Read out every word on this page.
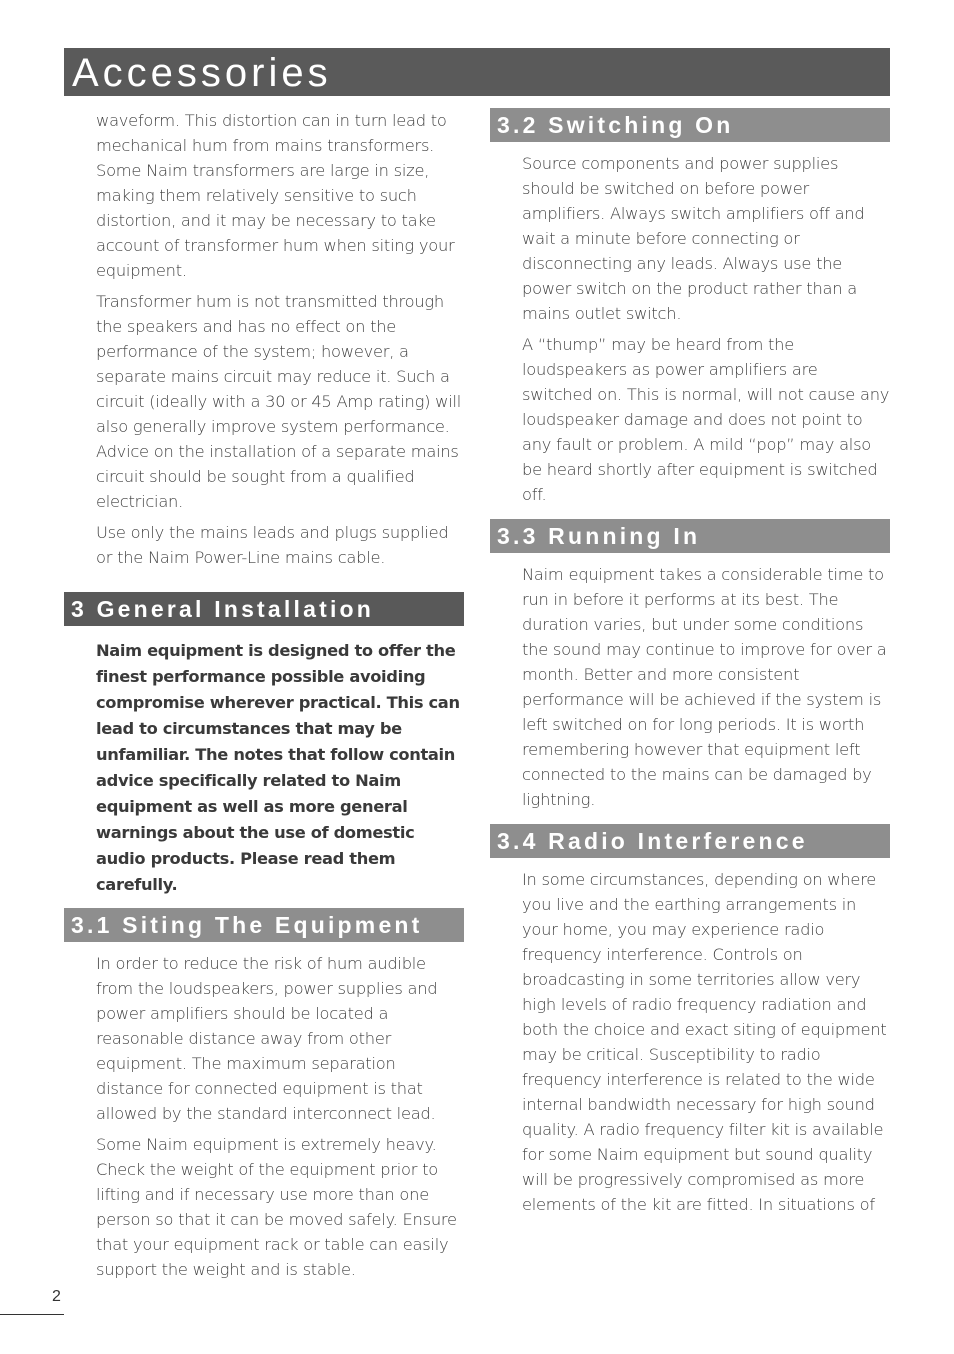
Accessories

waveform. This distortion can in turn lead to mechanical hum from mains transformers. Some Naim transformers are large in size, making them relatively sensitive to such distortion, and it may be necessary to take account of transformer hum when siting your equipment.

Transformer hum is not transmitted through the speakers and has no effect on the performance of the system; however, a separate mains circuit may reduce it. Such a circuit (ideally with a 30 or 45 Amp rating) will also generally improve system performance. Advice on the installation of a separate mains circuit should be sought from a qualified electrician.

Use only the mains leads and plugs supplied or the Naim Power-Line mains cable.

3 General Installation

Naim equipment is designed to offer the finest performance possible avoiding compromise wherever practical. This can lead to circumstances that may be unfamiliar. The notes that follow contain advice specifically related to Naim equipment as well as more general warnings about the use of domestic audio products. Please read them carefully.

3.1 Siting The Equipment

In order to reduce the risk of hum audible from the loudspeakers, power supplies and power amplifiers should be located a reasonable distance away from other equipment. The maximum separation distance for connected equipment is that allowed by the standard interconnect lead.

Some Naim equipment is extremely heavy. Check the weight of the equipment prior to lifting and if necessary use more than one person so that it can be moved safely. Ensure that your equipment rack or table can easily support the weight and is stable.

3.2 Switching On

Source components and power supplies should be switched on before power amplifiers. Always switch amplifiers off and wait a minute before connecting or disconnecting any leads. Always use the power switch on the product rather than a mains outlet switch.

A “thump” may be heard from the loudspeakers as power amplifiers are switched on. This is normal, will not cause any loudspeaker damage and does not point to any fault or problem. A mild “pop” may also be heard shortly after equipment is switched off.

3.3 Running In

Naim equipment takes a considerable time to run in before it performs at its best. The duration varies, but under some conditions the sound may continue to improve for over a month. Better and more consistent performance will be achieved if the system is left switched on for long periods. It is worth remembering however that equipment left connected to the mains can be damaged by lightning.

3.4 Radio Interference

In some circumstances, depending on where you live and the earthing arrangements in your home, you may experience radio frequency interference. Controls on broadcasting in some territories allow very high levels of radio frequency radiation and both the choice and exact siting of equipment may be critical. Susceptibility to radio frequency interference is related to the wide internal bandwidth necessary for high sound quality. A radio frequency filter kit is available for some Naim equipment but sound quality will be progressively compromised as more elements of the kit are fitted. In situations of

2
